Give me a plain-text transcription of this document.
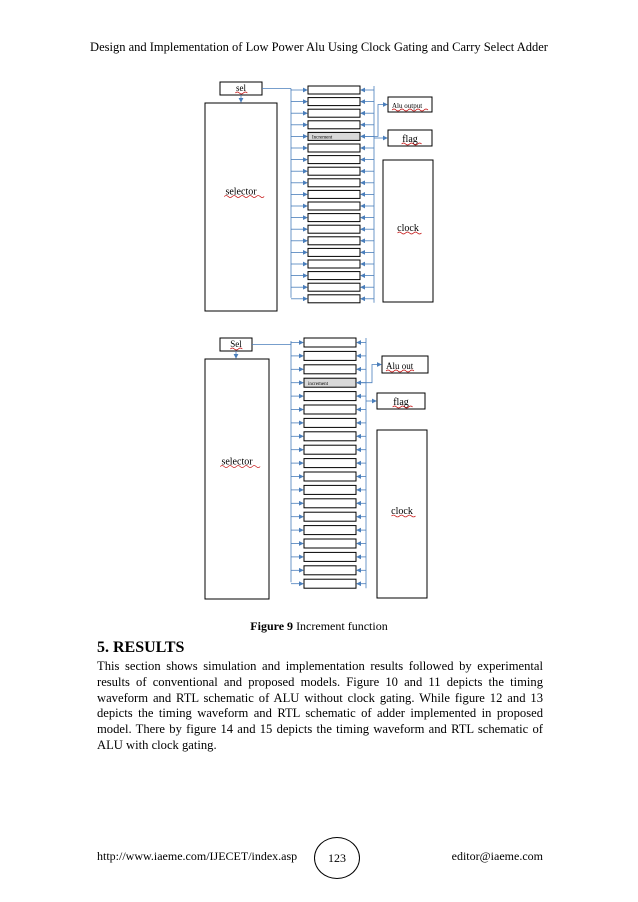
Design and Implementation of Low Power Alu Using Clock Gating and Carry Select Adder
sel
selector
Increment
Alu output
flag
clock
Sel
selector
increment
Alu out
flag
clock
Figure 9 Increment function
5. RESULTS
This section shows simulation and implementation results followed by experimental results of conventional and proposed models. Figure 10 and 11 depicts the timing waveform and RTL schematic of ALU without clock gating. While figure 12 and 13 depicts the timing waveform and RTL schematic of adder implemented in proposed model. There by figure 14 and 15 depicts the timing waveform and RTL schematic of ALU with clock gating.
http://www.iaeme.com/IJECET/index.asp	123	editor@iaeme.com
